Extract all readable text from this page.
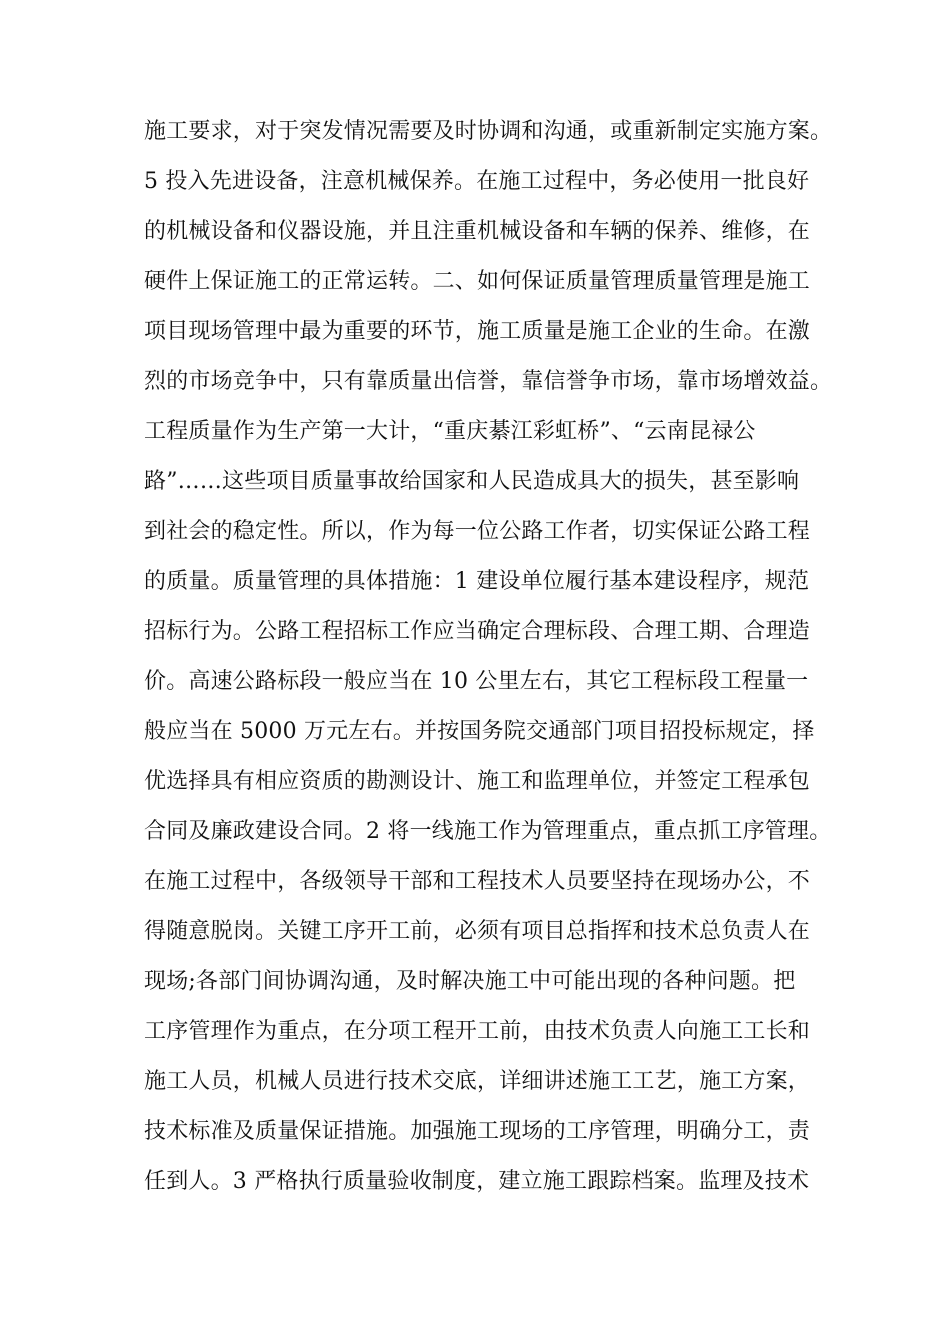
施工要求，对于突发情况需要及时协调和沟通，或重新制定实施方案。
5 投入先进设备，注意机械保养。在施工过程中，务必使用一批良好
的机械设备和仪器设施，并且注重机械设备和车辆的保养、维修，在
硬件上保证施工的正常运转。二、如何保证质量管理质量管理是施工
项目现场管理中最为重要的环节，施工质量是施工企业的生命。在激
烈的市场竞争中，只有靠质量出信誉，靠信誉争市场，靠市场增效益。
工程质量作为生产第一大计，“重庆綦江彩虹桥”、“云南昆禄公
路”……这些项目质量事故给国家和人民造成具大的损失，甚至影响
到社会的稳定性。所以，作为每一位公路工作者，切实保证公路工程
的质量。质量管理的具体措施：1 建设单位履行基本建设程序，规范
招标行为。公路工程招标工作应当确定合理标段、合理工期、合理造
价。高速公路标段一般应当在 10 公里左右，其它工程标段工程量一
般应当在 5000 万元左右。并按国务院交通部门项目招投标规定，择
优选择具有相应资质的勘测设计、施工和监理单位，并签定工程承包
合同及廉政建设合同。2 将一线施工作为管理重点，重点抓工序管理。
在施工过程中，各级领导干部和工程技术人员要坚持在现场办公，不
得随意脱岗。关键工序开工前，必须有项目总指挥和技术总负责人在
现场;各部门间协调沟通，及时解决施工中可能出现的各种问题。把
工序管理作为重点，在分项工程开工前，由技术负责人向施工工长和
施工人员，机械人员进行技术交底，详细讲述施工工艺，施工方案，
技术标准及质量保证措施。加强施工现场的工序管理，明确分工，责
任到人。3 严格执行质量验收制度，建立施工跟踪档案。监理及技术
